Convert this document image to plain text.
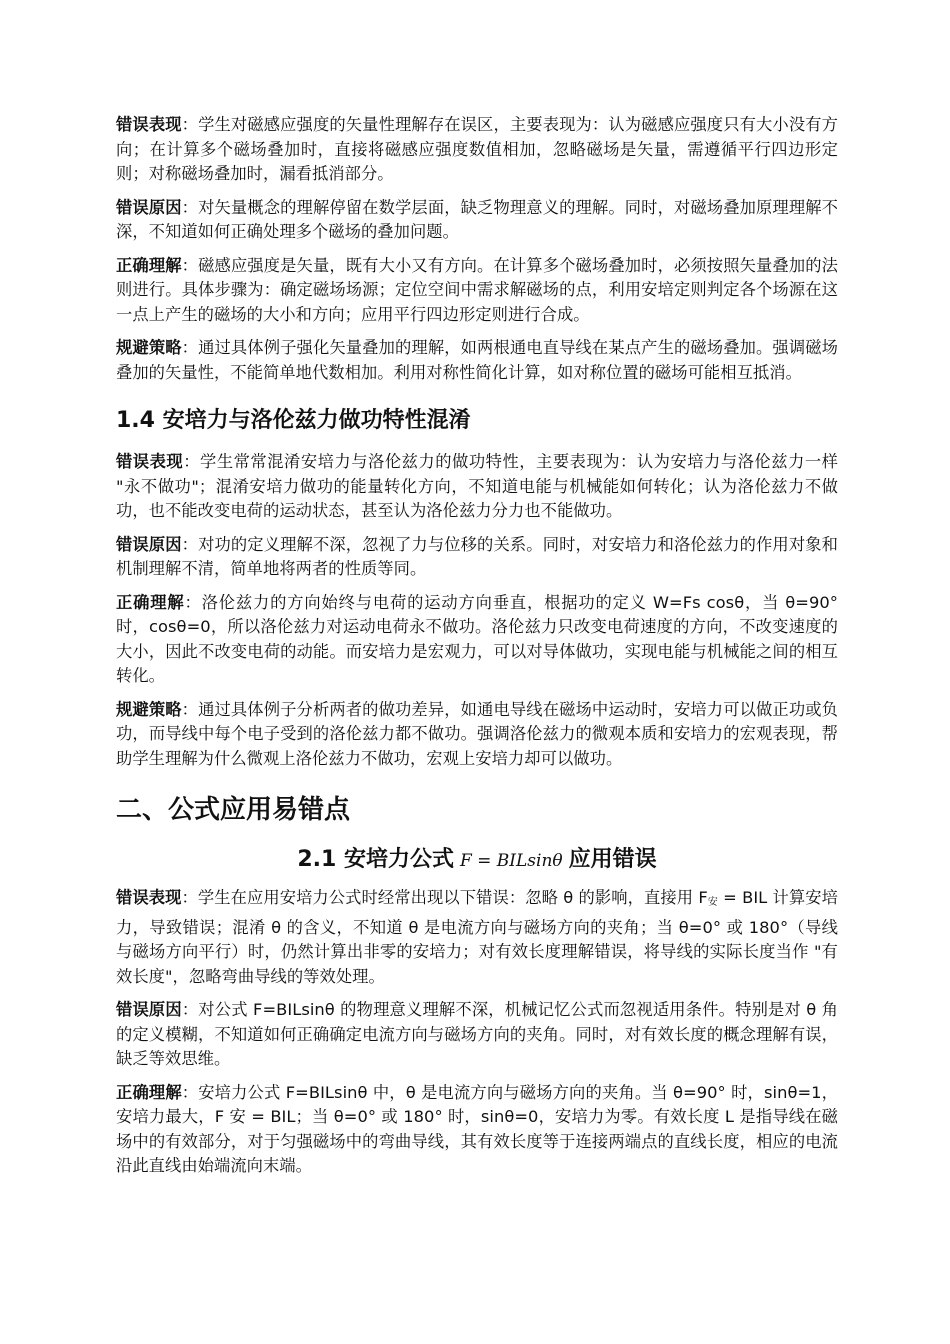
错误表现：学生对磁感应强度的矢量性理解存在误区，主要表现为：认为磁感应强度只有大小没有方向；在计算多个磁场叠加时，直接将磁感应强度数值相加，忽略磁场是矢量，需遵循平行四边形定则；对称磁场叠加时，漏看抵消部分。

错误原因：对矢量概念的理解停留在数学层面，缺乏物理意义的理解。同时，对磁场叠加原理理解不深，不知道如何正确处理多个磁场的叠加问题。

正确理解：磁感应强度是矢量，既有大小又有方向。在计算多个磁场叠加时，必须按照矢量叠加的法则进行。具体步骤为：确定磁场场源；定位空间中需求解磁场的点，利用安培定则判定各个场源在这一点上产生的磁场的大小和方向；应用平行四边形定则进行合成。

规避策略：通过具体例子强化矢量叠加的理解，如两根通电直导线在某点产生的磁场叠加。强调磁场叠加的矢量性，不能简单地代数相加。利用对称性简化计算，如对称位置的磁场可能相互抵消。

1.4 安培力与洛伦兹力做功特性混淆

错误表现：学生常常混淆安培力与洛伦兹力的做功特性，主要表现为：认为安培力与洛伦兹力一样 "永不做功"；混淆安培力做功的能量转化方向，不知道电能与机械能如何转化；认为洛伦兹力不做功，也不能改变电荷的运动状态，甚至认为洛伦兹力分力也不能做功。

错误原因：对功的定义理解不深，忽视了力与位移的关系。同时，对安培力和洛伦兹力的作用对象和机制理解不清，简单地将两者的性质等同。

正确理解：洛伦兹力的方向始终与电荷的运动方向垂直，根据功的定义 W=Fs cosθ，当 θ=90° 时，cosθ=0，所以洛伦兹力对运动电荷永不做功。洛伦兹力只改变电荷速度的方向，不改变速度的大小，因此不改变电荷的动能。而安培力是宏观力，可以对导体做功，实现电能与机械能之间的相互转化。

规避策略：通过具体例子分析两者的做功差异，如通电导线在磁场中运动时，安培力可以做正功或负功，而导线中每个电子受到的洛伦兹力都不做功。强调洛伦兹力的微观本质和安培力的宏观表现，帮助学生理解为什么微观上洛伦兹力不做功，宏观上安培力却可以做功。

二、公式应用易错点
2.1 安培力公式 F = BILsinθ 应用错误

错误表现：学生在应用安培力公式时经常出现以下错误：忽略 θ 的影响，直接用 $F_安$ = BIL 计算安培力，导致错误；混淆 θ 的含义，不知道 θ 是电流方向与磁场方向的夹角；当 θ=0° 或 180°（导线与磁场方向平行）时，仍然计算出非零的安培力；对有效长度理解错误，将导线的实际长度当作 "有效长度"，忽略弯曲导线的等效处理。

错误原因：对公式 F=BILsinθ 的物理意义理解不深，机械记忆公式而忽视适用条件。特别是对 θ 角的定义模糊，不知道如何正确确定电流方向与磁场方向的夹角。同时，对有效长度的概念理解有误，缺乏等效思维。

正确理解：安培力公式 F=BILsinθ 中，θ 是电流方向与磁场方向的夹角。当 θ=90° 时，sinθ=1，安培力最大，F 安 = BIL；当 θ=0° 或 180° 时，sinθ=0，安培力为零。有效长度 L 是指导线在磁场中的有效部分，对于匀强磁场中的弯曲导线，其有效长度等于连接两端点的直线长度，相应的电流沿此直线由始端流向末端。
